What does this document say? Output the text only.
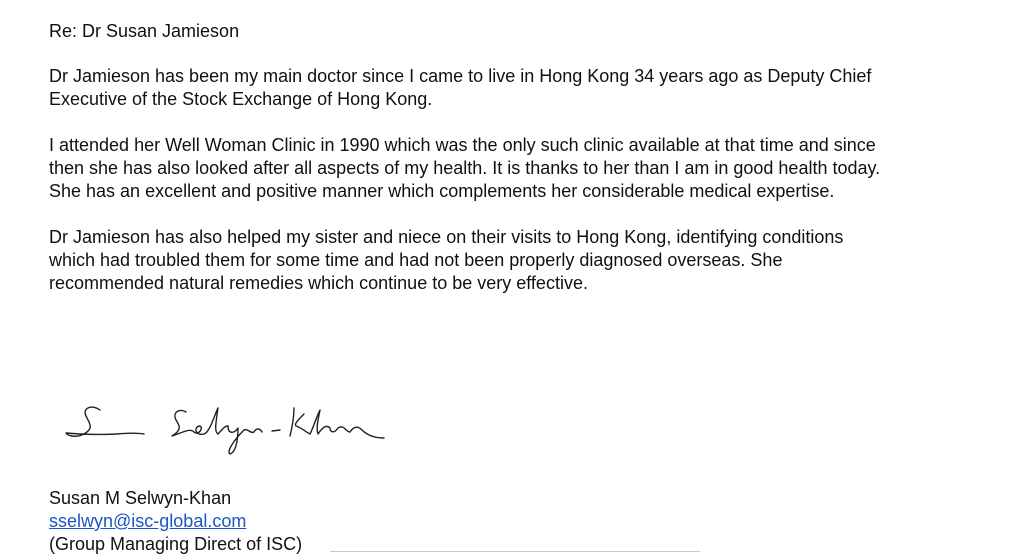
Re: Dr Susan Jamieson
Dr Jamieson has been my main doctor since I came to live in Hong Kong 34 years ago as Deputy Chief
Executive of the Stock Exchange of Hong Kong.
I attended her Well Woman Clinic in 1990 which was the only such clinic available at that time and since
then she has also looked after all aspects of my health. It is thanks to her than I am in good health today.
She has an excellent and positive manner which complements her considerable medical expertise.
Dr Jamieson has also helped my sister and niece on their visits to Hong Kong, identifying conditions
which had troubled them for some time and had not been properly diagnosed overseas. She
recommended natural remedies which continue to be very effective.
Susan M Selwyn-Khan
sselwyn@isc-global.com
(Group Managing Direct of ISC)
